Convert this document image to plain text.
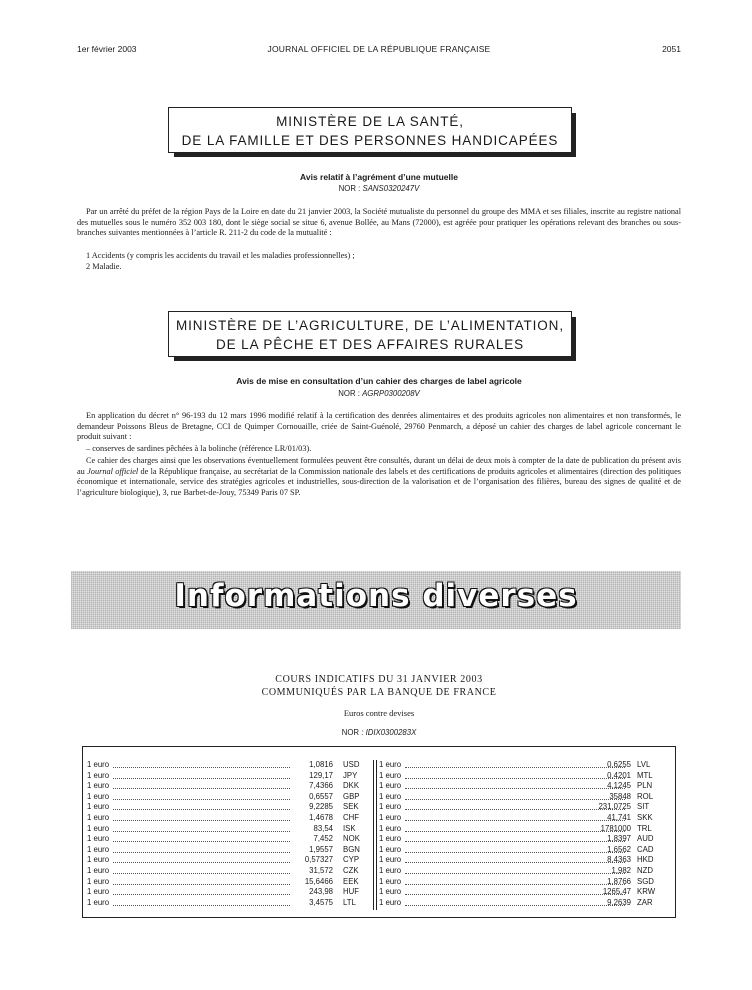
1er février 2003	JOURNAL OFFICIEL DE LA RÉPUBLIQUE FRANÇAISE	2051
MINISTÈRE DE LA SANTÉ,
DE LA FAMILLE ET DES PERSONNES HANDICAPÉES
Avis relatif à l’agrément d’une mutuelle
NOR : SANS0320247V
Par un arrêté du préfet de la région Pays de la Loire en date du 21 janvier 2003, la Société mutualiste du personnel du groupe des MMA et ses filiales, inscrite au registre national des mutuelles sous le numéro 352 003 180, dont le siège social se situe 6, avenue Bollée, au Mans (72000), est agréée pour pratiquer les opérations relevant des branches ou sous-branches suivantes mentionnées à l’article R. 211-2 du code de la mutualité :
1 Accidents (y compris les accidents du travail et les maladies professionnelles) ;
2 Maladie.
MINISTÈRE DE L’AGRICULTURE, DE L’ALIMENTATION,
DE LA PÊCHE ET DES AFFAIRES RURALES
Avis de mise en consultation d’un cahier des charges de label agricole
NOR : AGRP0300208V
En application du décret n° 96-193 du 12 mars 1996 modifié relatif à la certification des denrées alimentaires et des produits agricoles non alimentaires et non transformés, le demandeur Poissons Bleus de Bretagne, CCI de Quimper Cornouaille, criée de Saint-Guénolé, 29760 Penmarch, a déposé un cahier des charges de label agricole concernant le produit suivant :
– conserves de sardines pêchées à la bolinche (référence LR/01/03).
Ce cahier des charges ainsi que les observations éventuellement formulées peuvent être consultés, durant un délai de deux mois à compter de la date de publication du présent avis au Journal officiel de la République française, au secrétariat de la Commission nationale des labels et des certifications de produits agricoles et alimentaires (direction des politiques économique et internationale, service des stratégies agricoles et industrielles, sous-direction de la valorisation et de l’organisation des filières, bureau des signes de qualité et de l’agriculture biologique), 3, rue Barbet-de-Jouy, 75349 Paris 07 SP.
Informations diverses
COURS INDICATIFS DU 31 JANVIER 2003
COMMUNIQUÉS PAR LA BANQUE DE FRANCE
Euros contre devises
NOR : IDIX0300283X
1 euro	1,0816 USD
1 euro	129,17 JPY
1 euro	7,4366 DKK
1 euro	0,6557 GBP
1 euro	9,2285 SEK
1 euro	1,4678 CHF
1 euro	83,54 ISK
1 euro	7,452 NOK
1 euro	1,9557 BGN
1 euro	0,57327 CYP
1 euro	31,572 CZK
1 euro	15,6466 EEK
1 euro	243,98 HUF
1 euro	3,4575 LTL
1 euro	0,6255 LVL
1 euro	0,4201 MTL
1 euro	4,1245 PLN
1 euro	35848 ROL
1 euro	231,0725 SIT
1 euro	41,741 SKK
1 euro	1781000 TRL
1 euro	1,8397 AUD
1 euro	1,6562 CAD
1 euro	8,4363 HKD
1 euro	1,982 NZD
1 euro	1,8766 SGD
1 euro	1265,47 KRW
1 euro	9,2639 ZAR
